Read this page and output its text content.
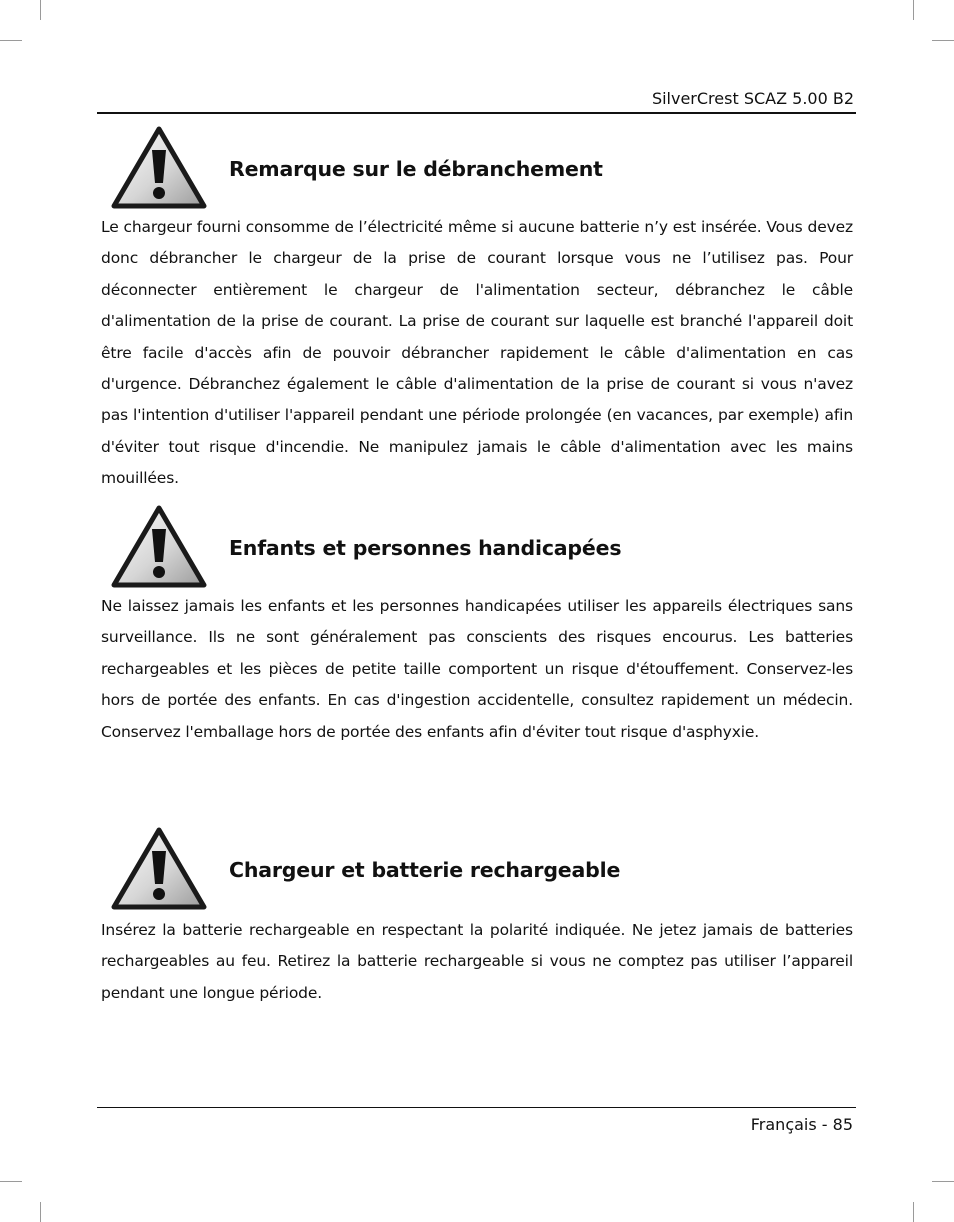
SilverCrest SCAZ 5.00 B2
Remarque sur le débranchement
Le chargeur fourni consomme de l’électricité même si aucune batterie n’y est insérée. Vous devez donc débrancher le chargeur de la prise de courant lorsque vous ne l’utilisez pas. Pour déconnecter entièrement le chargeur de l'alimentation secteur, débranchez le câble d'alimentation de la prise de courant. La prise de courant sur laquelle est branché l'appareil doit être facile d'accès afin de pouvoir débrancher rapidement le câble d'alimentation en cas d'urgence. Débranchez également le câble d'alimentation de la prise de courant si vous n'avez pas l'intention d'utiliser l'appareil pendant une période prolongée (en vacances, par exemple) afin d'éviter tout risque d'incendie. Ne manipulez jamais le câble d'alimentation avec les mains mouillées.
Enfants et personnes handicapées
Ne laissez jamais les enfants et les personnes handicapées utiliser les appareils électriques sans surveillance. Ils ne sont généralement pas conscients des risques encourus. Les batteries rechargeables et les pièces de petite taille comportent un risque d'étouffement. Conservez-les hors de portée des enfants. En cas d'ingestion accidentelle, consultez rapidement un médecin. Conservez l'emballage hors de portée des enfants afin d'éviter tout risque d'asphyxie.
Chargeur et batterie rechargeable
Insérez la batterie rechargeable en respectant la polarité indiquée. Ne jetez jamais de batteries rechargeables au feu. Retirez la batterie rechargeable si vous ne comptez pas utiliser l’appareil pendant une longue période.
Français - 85
